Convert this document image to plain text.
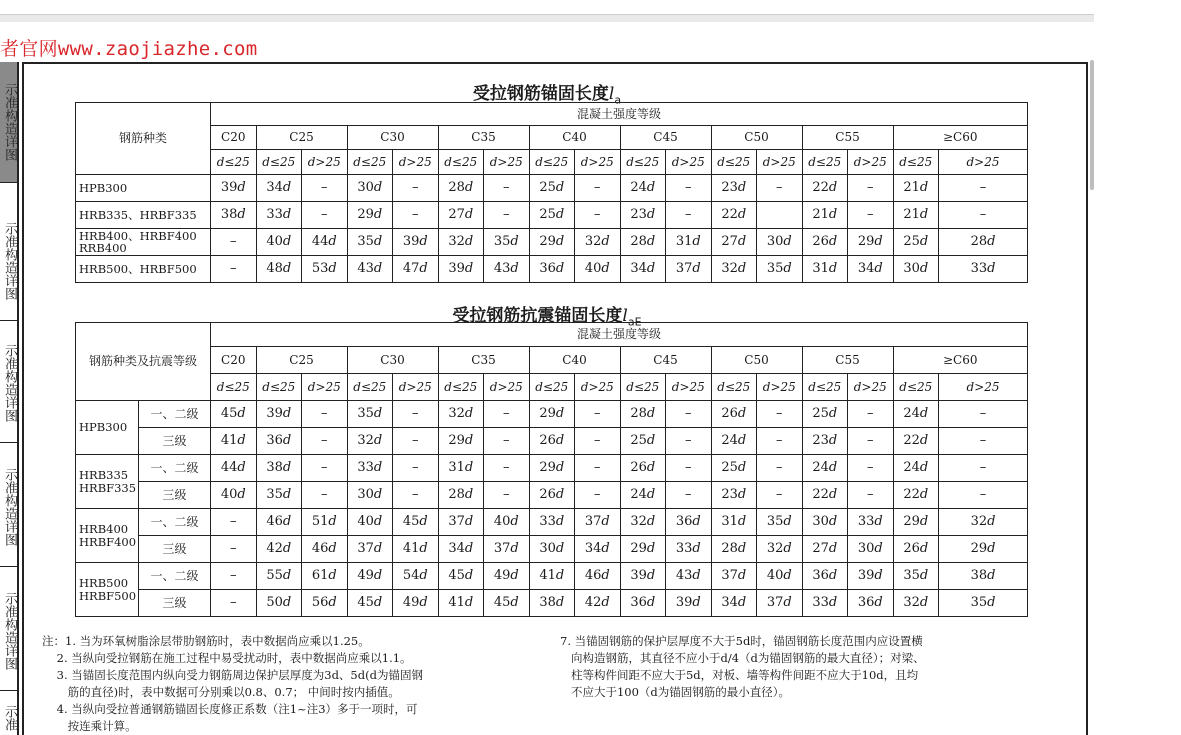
者官网www.zaojiazhe.com
示准构造详图
示准构造详图
示准构造详图
示准构造详图
示准构造详图
示准
受拉钢筋锚固长度$l_a$
钢筋种类	混凝土强度等级																
	C20	C25		C30		C35		C40		C45		C50		C55		≥C60	
	d≤25	d≤25	d>25	d≤25	d>25	d≤25	d>25	d≤25	d>25	d≤25	d>25	d≤25	d>25	d≤25	d>25	d≤25	d>25
HPB300	39d	34d	–	30d	–	28d	–	25d	–	24d	–	23d	–	22d	–	21d	–
HRB335、HRBF335	38d	33d	–	29d	–	27d	–	25d	–	23d	–	22d		21d	–	21d	–
HRB400、HRBF400
RRB400	–	40d	44d	35d	39d	32d	35d	29d	32d	28d	31d	27d	30d	26d	29d	25d	28d
HRB500、HRBF500	–	48d	53d	43d	47d	39d	43d	36d	40d	34d	37d	32d	35d	31d	34d	30d	33d
受拉钢筋抗震锚固长度$l_{aE}$
钢筋种类及抗震等级		混凝土强度等级																
		C20	C25		C30		C35		C40		C45		C50		C55		≥C60	
		d≤25	d≤25	d>25	d≤25	d>25	d≤25	d>25	d≤25	d>25	d≤25	d>25	d≤25	d>25	d≤25	d>25	d≤25	d>25
HPB300	一、二级	45d	39d	–	35d	–	32d	–	29d	–	28d	–	26d	–	25d	–	24d	–
	三级	41d	36d	–	32d	–	29d	–	26d	–	25d	–	24d	–	23d	–	22d	–
HRB335
HRBF335	一、二级	44d	38d	–	33d	–	31d	–	29d	–	26d	–	25d	–	24d	–	24d	–
	三级	40d	35d	–	30d	–	28d	–	26d	–	24d	–	23d	–	22d	–	22d	–
HRB400
HRBF400	一、二级	–	46d	51d	40d	45d	37d	40d	33d	37d	32d	36d	31d	35d	30d	33d	29d	32d
	三级	–	42d	46d	37d	41d	34d	37d	30d	34d	29d	33d	28d	32d	27d	30d	26d	29d
HRB500
HRBF500	一、二级	–	55d	61d	49d	54d	45d	49d	41d	46d	39d	43d	37d	40d	36d	39d	35d	38d
	三级	–	50d	56d	45d	49d	41d	45d	38d	42d	36d	39d	34d	37d	33d	36d	32d	35d

注：1. 当为环氧树脂涂层带肋钢筋时，表中数据尚应乘以1.25。

2. 当纵向受拉钢筋在施工过程中易受扰动时，表中数据尚应乘以1.1。

3. 当锚固长度范围内纵向受力钢筋周边保护层厚度为3d、5d(d为锚固钢

筋的直径)时，表中数据可分别乘以0.8、0.7； 中间时按内插值。

4. 当纵向受拉普通钢筋锚固长度修正系数（注1~注3）多于一项时，可

按连乘计算。

7. 当锚固钢筋的保护层厚度不大于5d时，锚固钢筋长度范围内应设置横

向构造钢筋，其直径不应小于d/4（d为锚固钢筋的最大直径）；对梁、

柱等构件间距不应大于5d，对板、墙等构件间距不应大于10d，且均

不应大于100（d为锚固钢筋的最小直径）。
